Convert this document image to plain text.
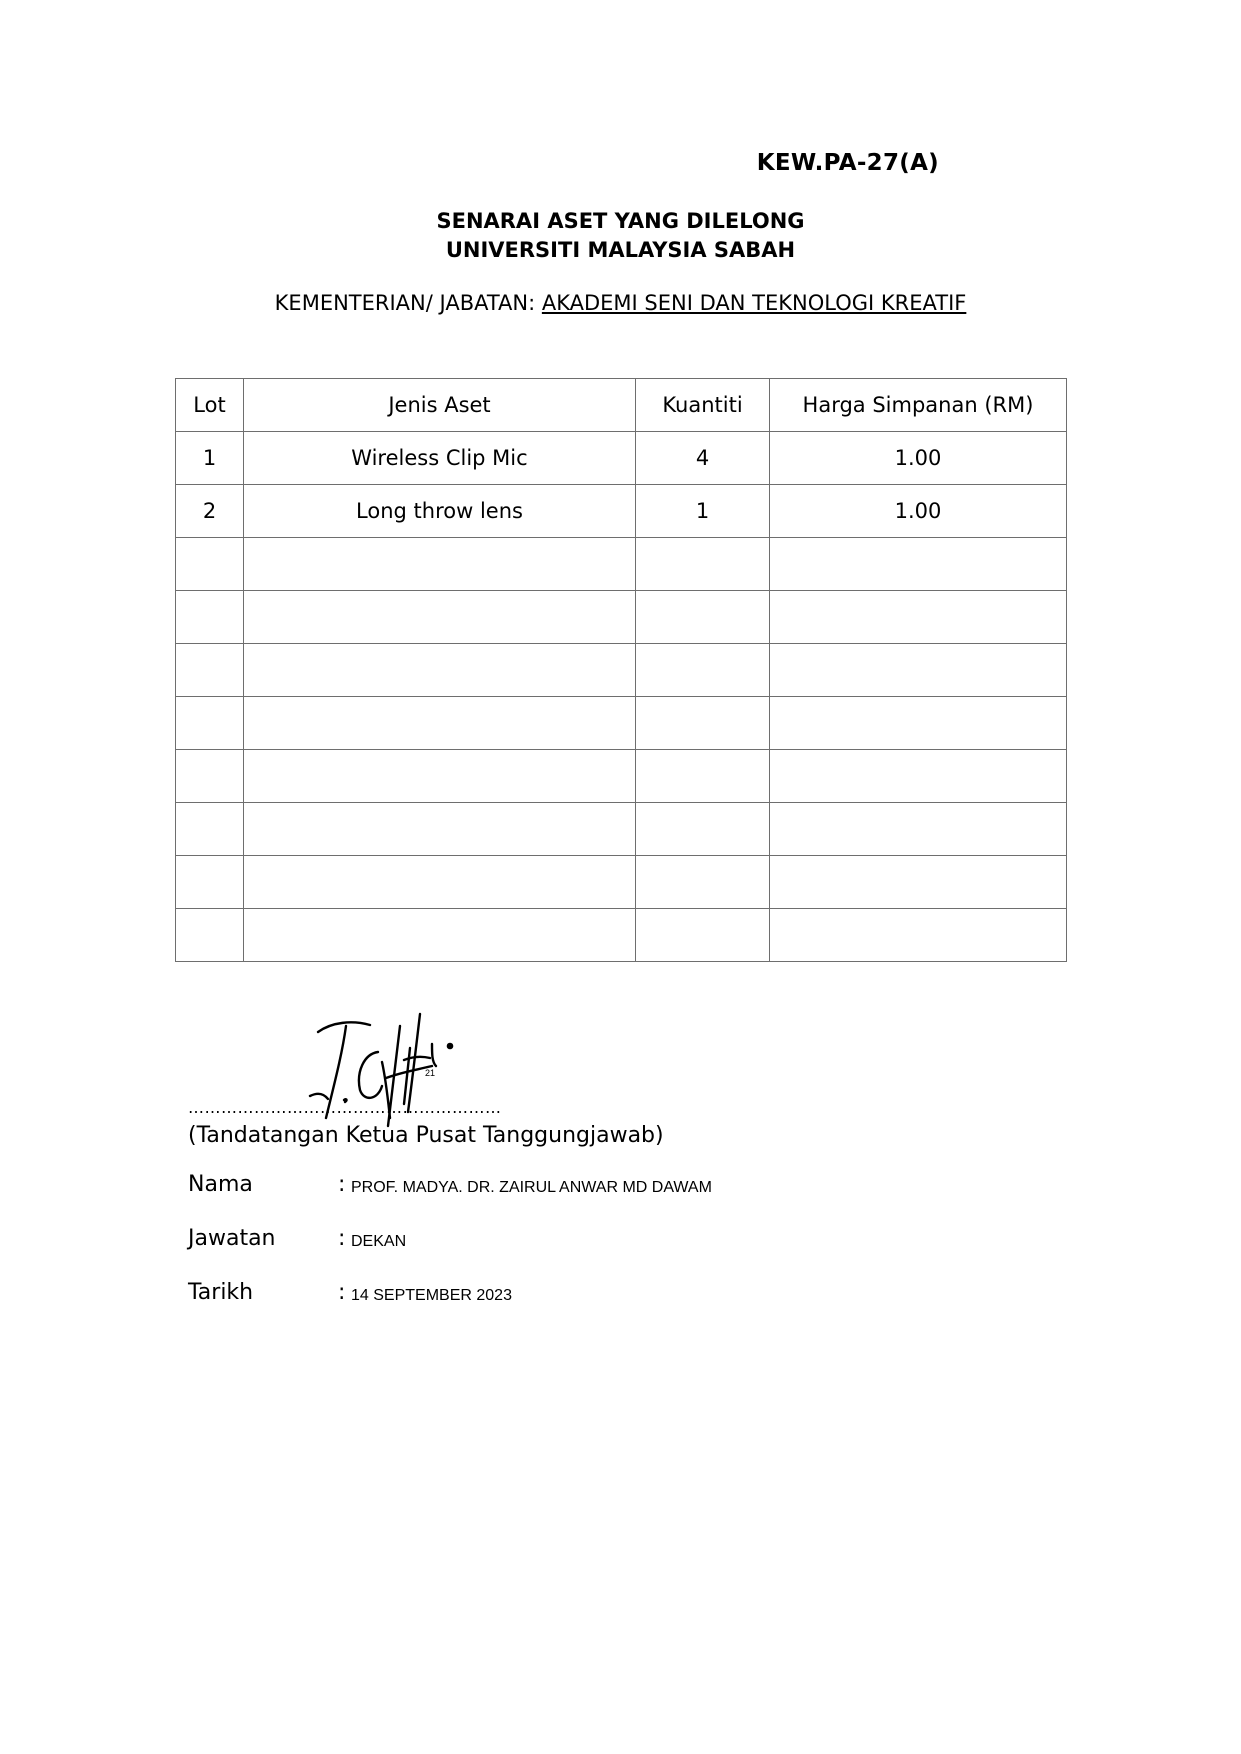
KEW.PA-27(A)
SENARAI ASET YANG DILELONG
UNIVERSITI MALAYSIA SABAH
KEMENTERIAN/ JABATAN: AKADEMI SENI DAN TEKNOLOGI KREATIF
Lot	Jenis Aset	Kuantiti	Harga Simpanan (RM)
1	Wireless Clip Mic	4	1.00
2	Long throw lens	1	1.00

21
…………………………………………………
(Tandatangan Ketua Pusat Tanggungjawab)
Nama	: PROF. MADYA. DR. ZAIRUL ANWAR MD DAWAM
Jawatan	: DEKAN
Tarikh	: 14 SEPTEMBER 2023
